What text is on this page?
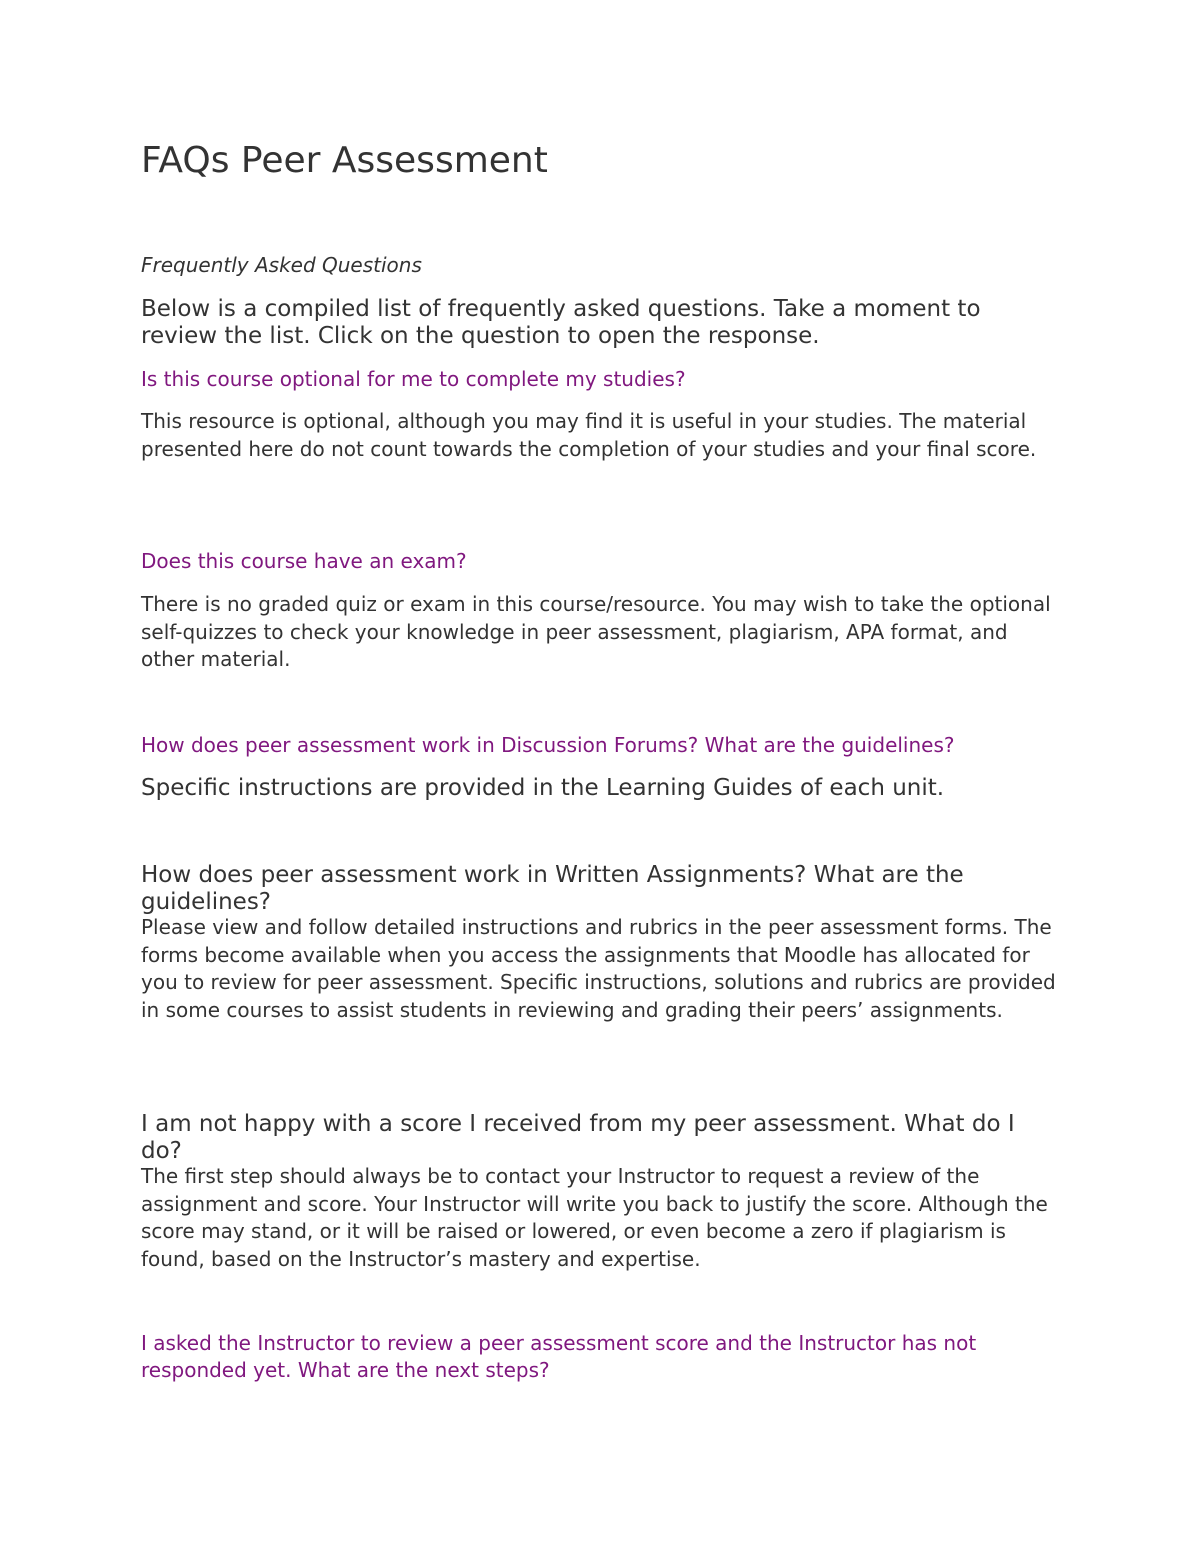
FAQs Peer Assessment

Frequently Asked Questions

Below is a compiled list of frequently asked questions. Take a moment to review the list. Click on the question to open the response.

Is this course optional for me to complete my studies?

This resource is optional, although you may find it is useful in your studies. The material presented here do not count towards the completion of your studies and your final score.

Does this course have an exam?

There is no graded quiz or exam in this course/resource. You may wish to take the optional self-quizzes to check your knowledge in peer assessment, plagiarism, APA format, and other material.

How does peer assessment work in Discussion Forums? What are the guidelines?

Specific instructions are provided in the Learning Guides of each unit.

How does peer assessment work in Written Assignments? What are the guidelines?

Please view and follow detailed instructions and rubrics in the peer assessment forms. The forms become available when you access the assignments that Moodle has allocated for you to review for peer assessment. Specific instructions, solutions and rubrics are provided in some courses to assist students in reviewing and grading their peers’ assignments.

I am not happy with a score I received from my peer assessment. What do I do?

The first step should always be to contact your Instructor to request a review of the assignment and score. Your Instructor will write you back to justify the score. Although the score may stand, or it will be raised or lowered, or even become a zero if plagiarism is found, based on the Instructor’s mastery and expertise.

I asked the Instructor to review a peer assessment score and the Instructor has not responded yet. What are the next steps?
